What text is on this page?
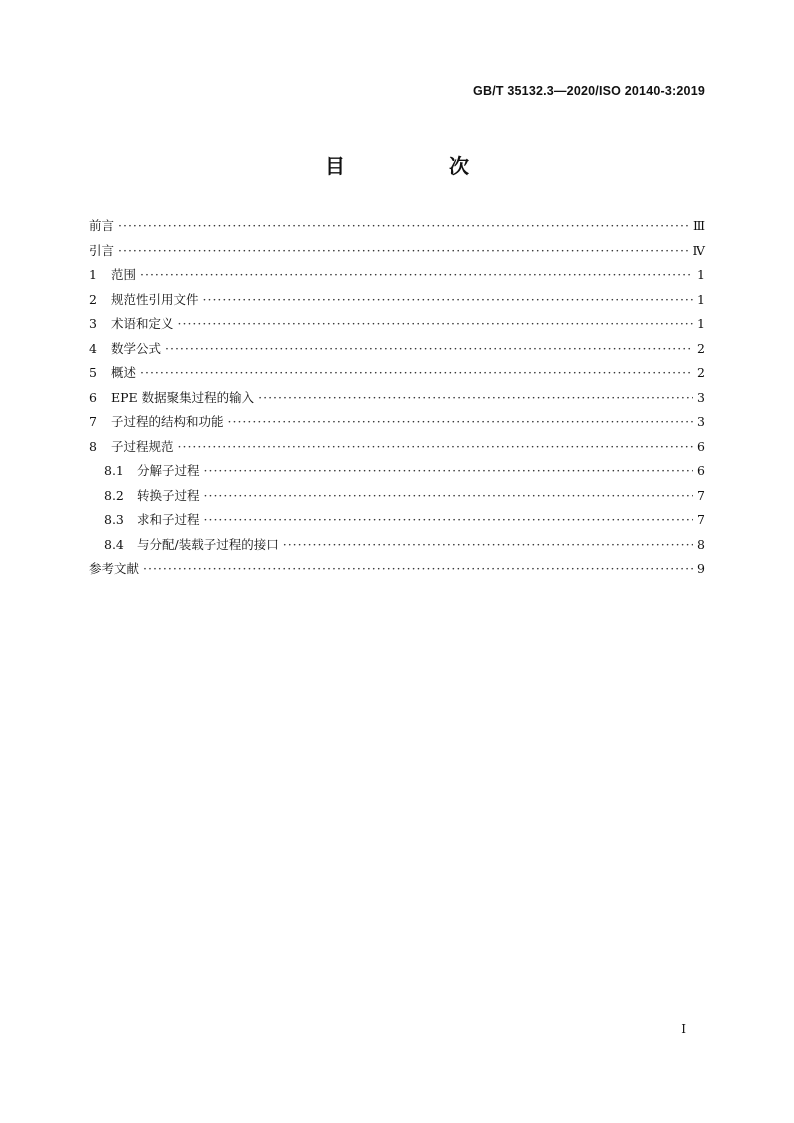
GB/T 35132.3—2020/ISO 20140-3:2019
目　次
前言 ·····	Ⅲ
引言 ·····	Ⅳ
1	范围 ·····	1
2	规范性引用文件 ·····	1
3	术语和定义 ·····	1
4	数学公式 ·····	2
5	概述 ·····	2
6	EPE 数据聚集过程的输入 ·····	3
7	子过程的结构和功能 ·····	3
8	子过程规范 ·····	6
8.1	分解子过程 ·····	6
8.2	转换子过程 ·····	7
8.3	求和子过程 ·····	7
8.4	与分配/装载子过程的接口 ·····	8
参考文献 ·····	9
I
